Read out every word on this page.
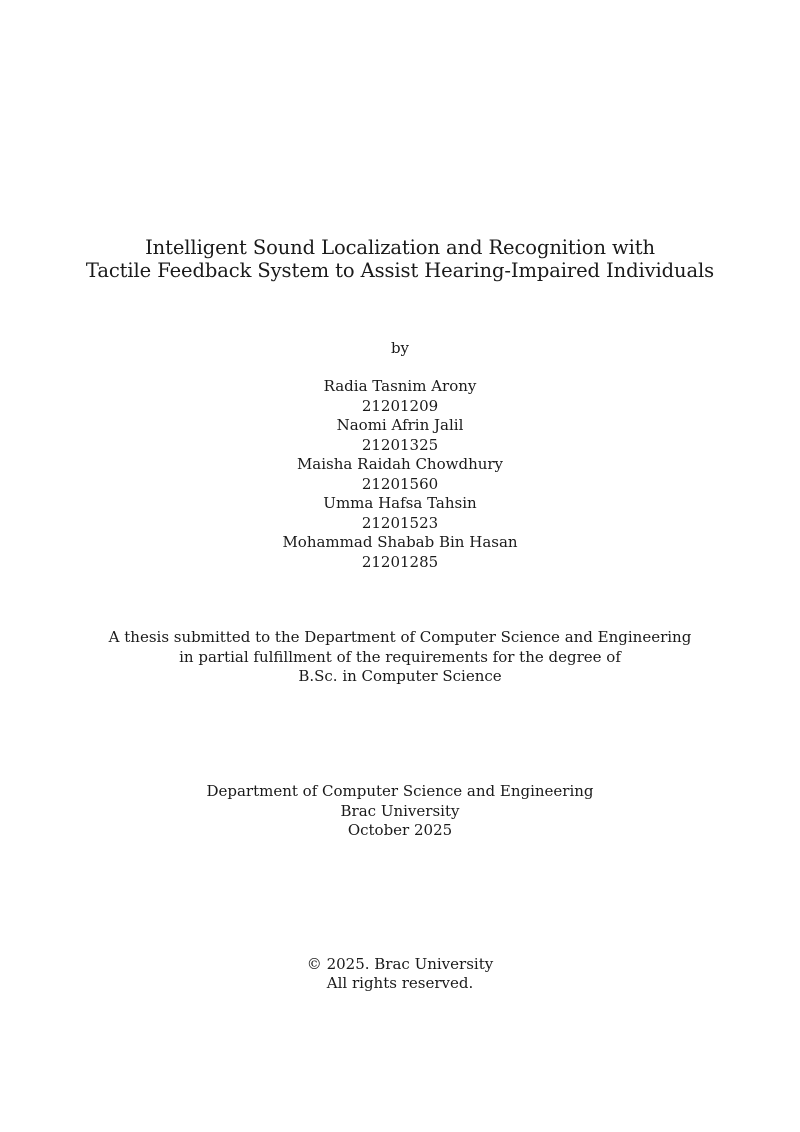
Intelligent Sound Localization and Recognition with
Tactile Feedback System to Assist Hearing-Impaired Individuals
by
Radia Tasnim Arony
21201209
Naomi Afrin Jalil
21201325
Maisha Raidah Chowdhury
21201560
Umma Hafsa Tahsin
21201523
Mohammad Shabab Bin Hasan
21201285
A thesis submitted to the Department of Computer Science and Engineering
in partial fulfillment of the requirements for the degree of
B.Sc. in Computer Science
Department of Computer Science and Engineering
Brac University
October 2025
© 2025. Brac University
All rights reserved.
